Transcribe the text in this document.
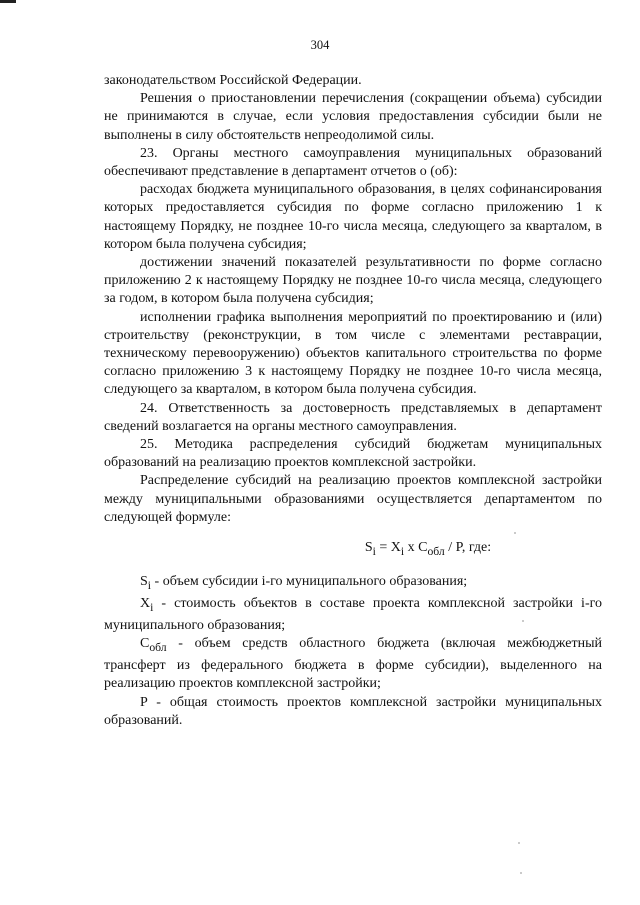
304

законодательством Российской Федерации.

Решения о приостановлении перечисления (сокращении объема) субсидии не принимаются в случае, если условия предоставления субсидии были не выполнены в силу обстоятельств непреодолимой силы.

23. Органы местного самоуправления муниципальных образований обеспечивают представление в департамент отчетов о (об):

расходах бюджета муниципального образования, в целях софинансирования которых предоставляется субсидия по форме согласно приложению 1 к настоящему Порядку, не позднее 10-го числа месяца, следующего за кварталом, в котором была получена субсидия;

достижении значений показателей результативности по форме согласно приложению 2 к настоящему Порядку не позднее 10-го числа месяца, следующего за годом, в котором была получена субсидия;

исполнении графика выполнения мероприятий по проектированию и (или) строительству (реконструкции, в том числе с элементами реставрации, техническому перевооружению) объектов капитального строительства по форме согласно приложению 3 к настоящему Порядку не позднее 10-го числа месяца, следующего за кварталом, в котором была получена субсидия.

24. Ответственность за достоверность представляемых в департамент сведений возлагается на органы местного самоуправления.

25. Методика распределения субсидий бюджетам муниципальных образований на реализацию проектов комплексной застройки.

Распределение субсидий на реализацию проектов комплексной застройки между муниципальными образованиями осуществляется департаментом по следующей формуле:

$S_i = X_i$ x $C_{обл}$ / P, где:

$S_i$ - объем субсидии i-го муниципального образования;

$X_i$ - стоимость объектов в составе проекта комплексной застройки i-го муниципального образования;

$C_{обл}$ - объем средств областного бюджета (включая межбюджетный трансферт из федерального бюджета в форме субсидии), выделенного на реализацию проектов комплексной застройки;

P - общая стоимость проектов комплексной застройки муниципальных образований.
